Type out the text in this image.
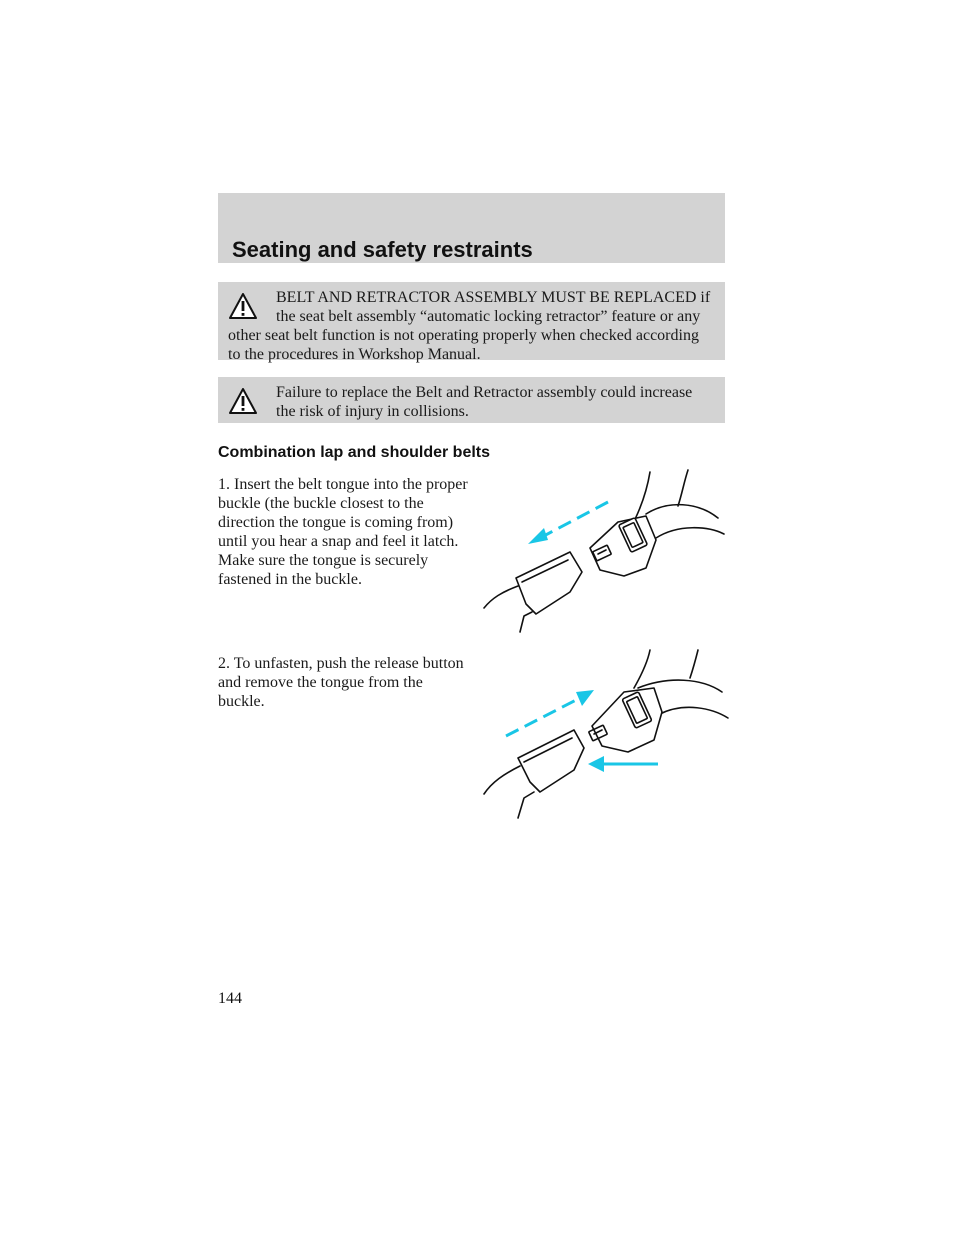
Seating and safety restraints

BELT AND RETRACTOR ASSEMBLY MUST BE REPLACED if the seat belt assembly “automatic locking retractor” feature or any other seat belt function is not operating properly when checked according to the procedures in Workshop Manual.

Failure to replace the Belt and Retractor assembly could increase the risk of injury in collisions.

Combination lap and shoulder belts

1. Insert the belt tongue into the proper buckle (the buckle closest to the direction the tongue is coming from) until you hear a snap and feel it latch. Make sure the tongue is securely fastened in the buckle.

2. To unfasten, push the release button and remove the tongue from the buckle.

144
